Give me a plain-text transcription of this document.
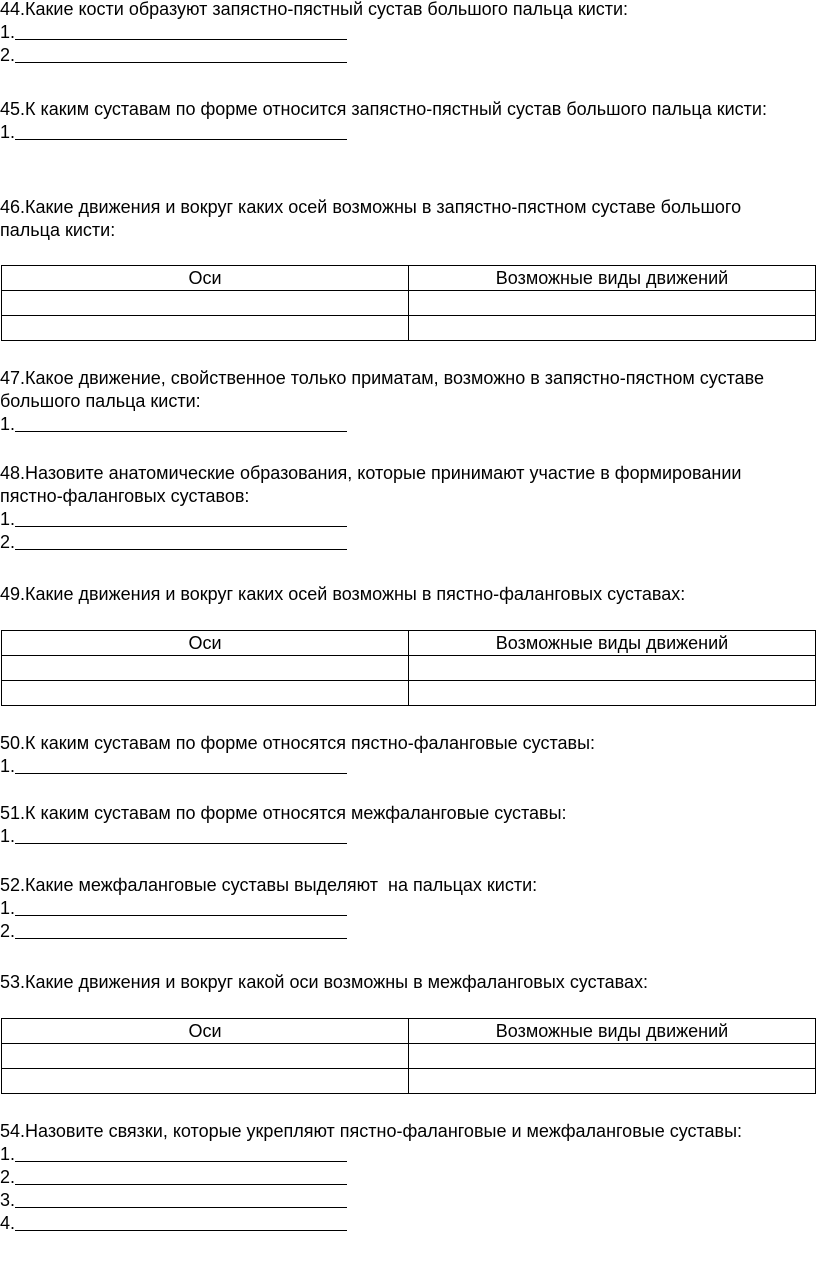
44.Какие кости образуют запястно-пястный сустав большого пальца кисти:
1.
2.
45.К каким суставам по форме относится запястно-пястный сустав большого пальца кисти:
1.
46.Какие движения и вокруг каких осей возможны в запястно-пястном суставе большого пальца кисти:
Оси	Возможные виды движений

47.Какое движение, свойственное только приматам, возможно в запястно-пястном суставе большого пальца кисти:
1.
48.Назовите анатомические образования, которые принимают участие в формировании пястно-фаланговых суставов:
1.
2.
49.Какие движения и вокруг каких осей возможны в пястно-фаланговых суставах:
Оси	Возможные виды движений

50.К каким суставам по форме относятся пястно-фаланговые суставы:
1.
51.К каким суставам по форме относятся межфаланговые суставы:
1.
52.Какие межфаланговые суставы выделяют  на пальцах кисти:
1.
2.
53.Какие движения и вокруг какой оси возможны в межфаланговых суставах:
Оси	Возможные виды движений

54.Назовите связки, которые укрепляют пястно-фаланговые и межфаланговые суставы:
1.
2.
3.
4.
